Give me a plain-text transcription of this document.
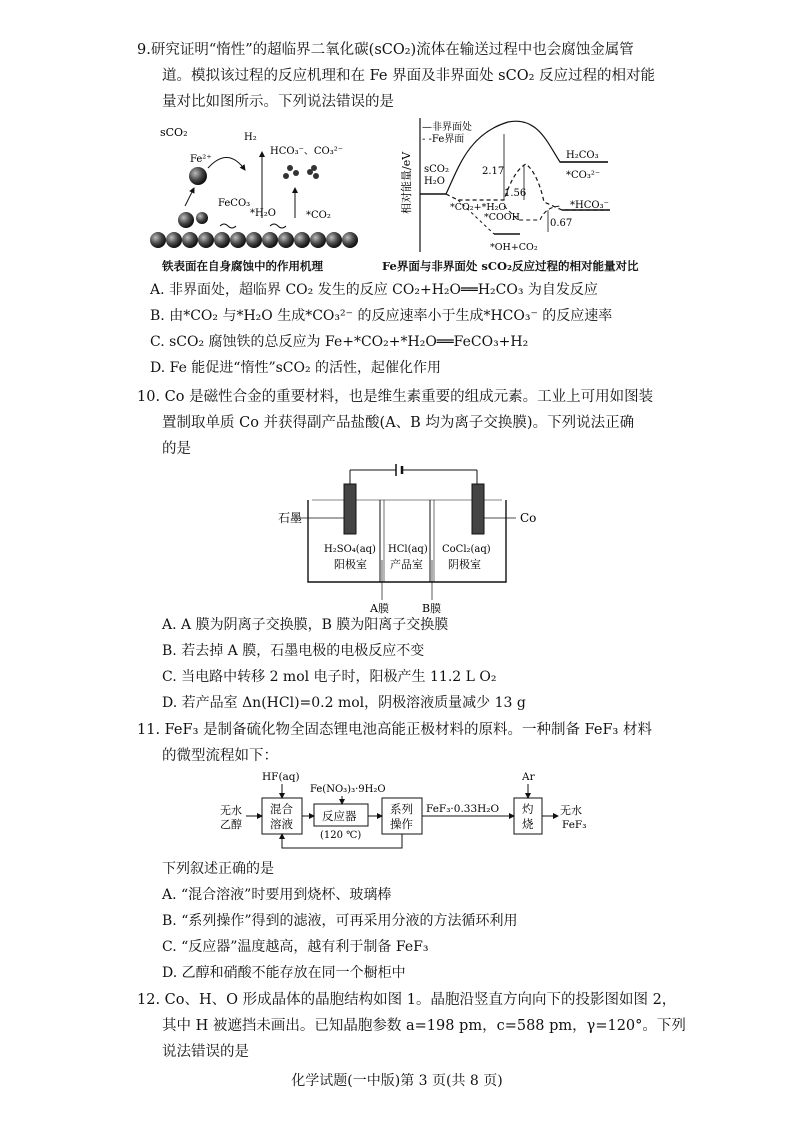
9.研究证明“惰性”的超临界二氧化碳(sCO₂)流体在输送过程中也会腐蚀金属管
道。模拟该过程的反应机理和在 Fe 界面及非界面处 sCO₂ 反应过程的相对能
量对比如图所示。下列说法错误的是
sCO₂
Fe²⁺
H₂
HCO₃⁻、CO₃²⁻
FeCO₃
*H₂O	*CO₂
铁表面在自身腐蚀中的作用机理
相对能量/eV
—非界面处
- -Fe界面
sCO₂
H₂O
2.17
1.56
0.67
*CO₂+*H₂O
*COOH
*OH+CO₂
H₂CO₃
*CO₃²⁻
*HCO₃⁻
Fe界面与非界面处 sCO₂反应过程的相对能量对比
A. 非界面处，超临界 CO₂ 发生的反应 CO₂+H₂O══H₂CO₃ 为自发反应
B. 由*CO₂ 与*H₂O 生成*CO₃²⁻ 的反应速率小于生成*HCO₃⁻ 的反应速率
C. sCO₂ 腐蚀铁的总反应为 Fe+*CO₂+*H₂O══FeCO₃+H₂
D. Fe 能促进“惰性”sCO₂ 的活性，起催化作用
10. Co 是磁性合金的重要材料，也是维生素重要的组成元素。工业上可用如图装
置制取单质 Co 并获得副产品盐酸(A、B 均为离子交换膜)。下列说法正确
的是
石墨	Co
H₂SO₄(aq)
阳极室
HCl(aq)
产品室
CoCl₂(aq)
阴极室
A膜	B膜
A. A 膜为阴离子交换膜，B 膜为阳离子交换膜
B. 若去掉 A 膜，石墨电极的电极反应不变
C. 当电路中转移 2 mol 电子时，阳极产生 11.2 L O₂
D. 若产品室 Δn(HCl)=0.2 mol，阴极溶液质量减少 13 g
11. FeF₃ 是制备硫化物全固态锂电池高能正极材料的原料。一种制备 FeF₃ 材料
的微型流程如下：
HF(aq)
Fe(NO₃)₃·9H₂O
Ar
无水
乙醇
混合
溶液
反应器
(120 ℃)
系列
操作
FeF₃·0.33H₂O 灼
烧
无水
FeF₃
下列叙述正确的是
A. “混合溶液”时要用到烧杯、玻璃棒
B. “系列操作”得到的滤液，可再采用分液的方法循环利用
C. “反应器”温度越高，越有利于制备 FeF₃
D. 乙醇和硝酸不能存放在同一个橱柜中
12. Co、H、O 形成晶体的晶胞结构如图 1。晶胞沿竖直方向向下的投影图如图 2，
其中 H 被遮挡未画出。已知晶胞参数 a=198 pm，c=588 pm，γ=120°。下列
说法错误的是
化学试题(一中版)第 3 页(共 8 页)
